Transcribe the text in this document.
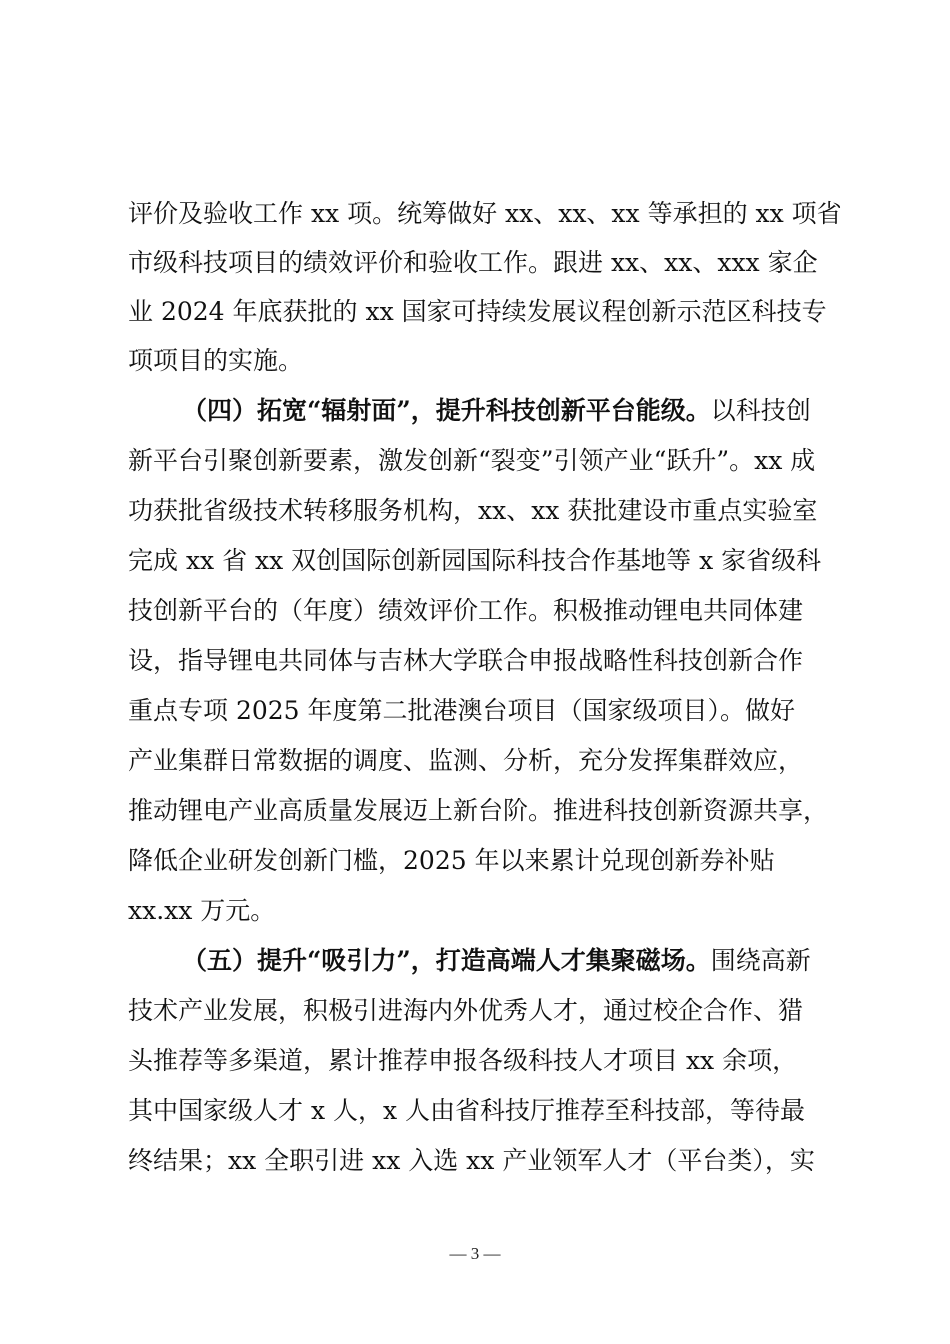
评价及验收工作 xx 项。统筹做好 xx、xx、xx 等承担的 xx 项省
市级科技项目的绩效评价和验收工作。跟进 xx、xx、xxx 家企
业 2024 年底获批的 xx 国家可持续发展议程创新示范区科技专
项项目的实施。
（四）拓宽“辐射面”，提升科技创新平台能级。以科技创
新平台引聚创新要素，激发创新“裂变”引领产业“跃升”。xx 成
功获批省级技术转移服务机构，xx、xx 获批建设市重点实验室
完成 xx 省 xx 双创国际创新园国际科技合作基地等 x 家省级科
技创新平台的（年度）绩效评价工作。积极推动锂电共同体建
设，指导锂电共同体与吉林大学联合申报战略性科技创新合作
重点专项 2025 年度第二批港澳台项目（国家级项目）。做好
产业集群日常数据的调度、监测、分析，充分发挥集群效应，
推动锂电产业高质量发展迈上新台阶。推进科技创新资源共享，
降低企业研发创新门槛，2025 年以来累计兑现创新券补贴
xx.xx 万元。
（五）提升“吸引力”，打造高端人才集聚磁场。围绕高新
技术产业发展，积极引进海内外优秀人才，通过校企合作、猎
头推荐等多渠道，累计推荐申报各级科技人才项目 xx 余项，
其中国家级人才 x 人，x 人由省科技厅推荐至科技部，等待最
终结果；xx 全职引进 xx 入选 xx 产业领军人才（平台类），实
— 3 —
